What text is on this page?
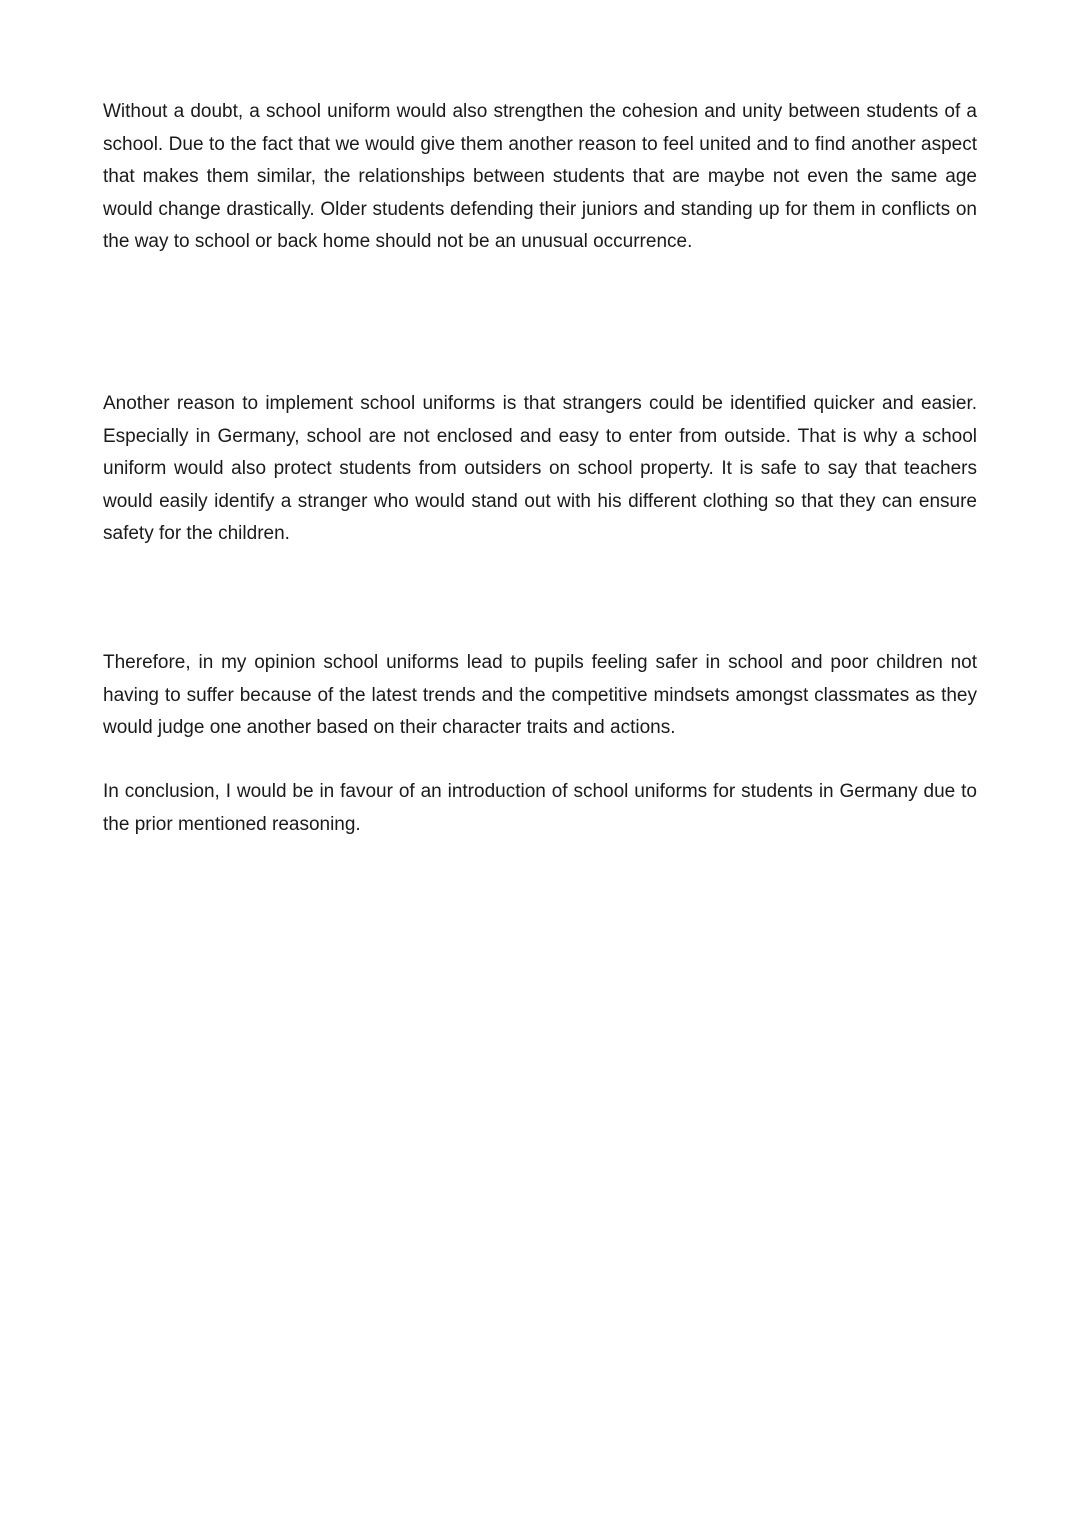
Without a doubt, a school uniform would also strengthen the cohesion and unity between students of a school. Due to the fact that we would give them another reason to feel united and to find another aspect that makes them similar, the relationships between students that are maybe not even the same age would change drastically. Older students defending their juniors and standing up for them in conflicts on the way to school or back home should not be an unusual occurrence.

Another reason to implement school uniforms is that strangers could be identified quicker and easier. Especially in Germany, school are not enclosed and easy to enter from outside. That is why a school uniform would also protect students from outsiders on school property. It is safe to say that teachers would easily identify a stranger who would stand out with his different clothing so that they can ensure safety for the children.

Therefore, in my opinion school uniforms lead to pupils feeling safer in school and poor children not having to suffer because of the latest trends and the competitive mindsets amongst classmates as they would judge one another based on their character traits and actions.

In conclusion, I would be in favour of an introduction of school uniforms for students in Germany due to the prior mentioned reasoning.
